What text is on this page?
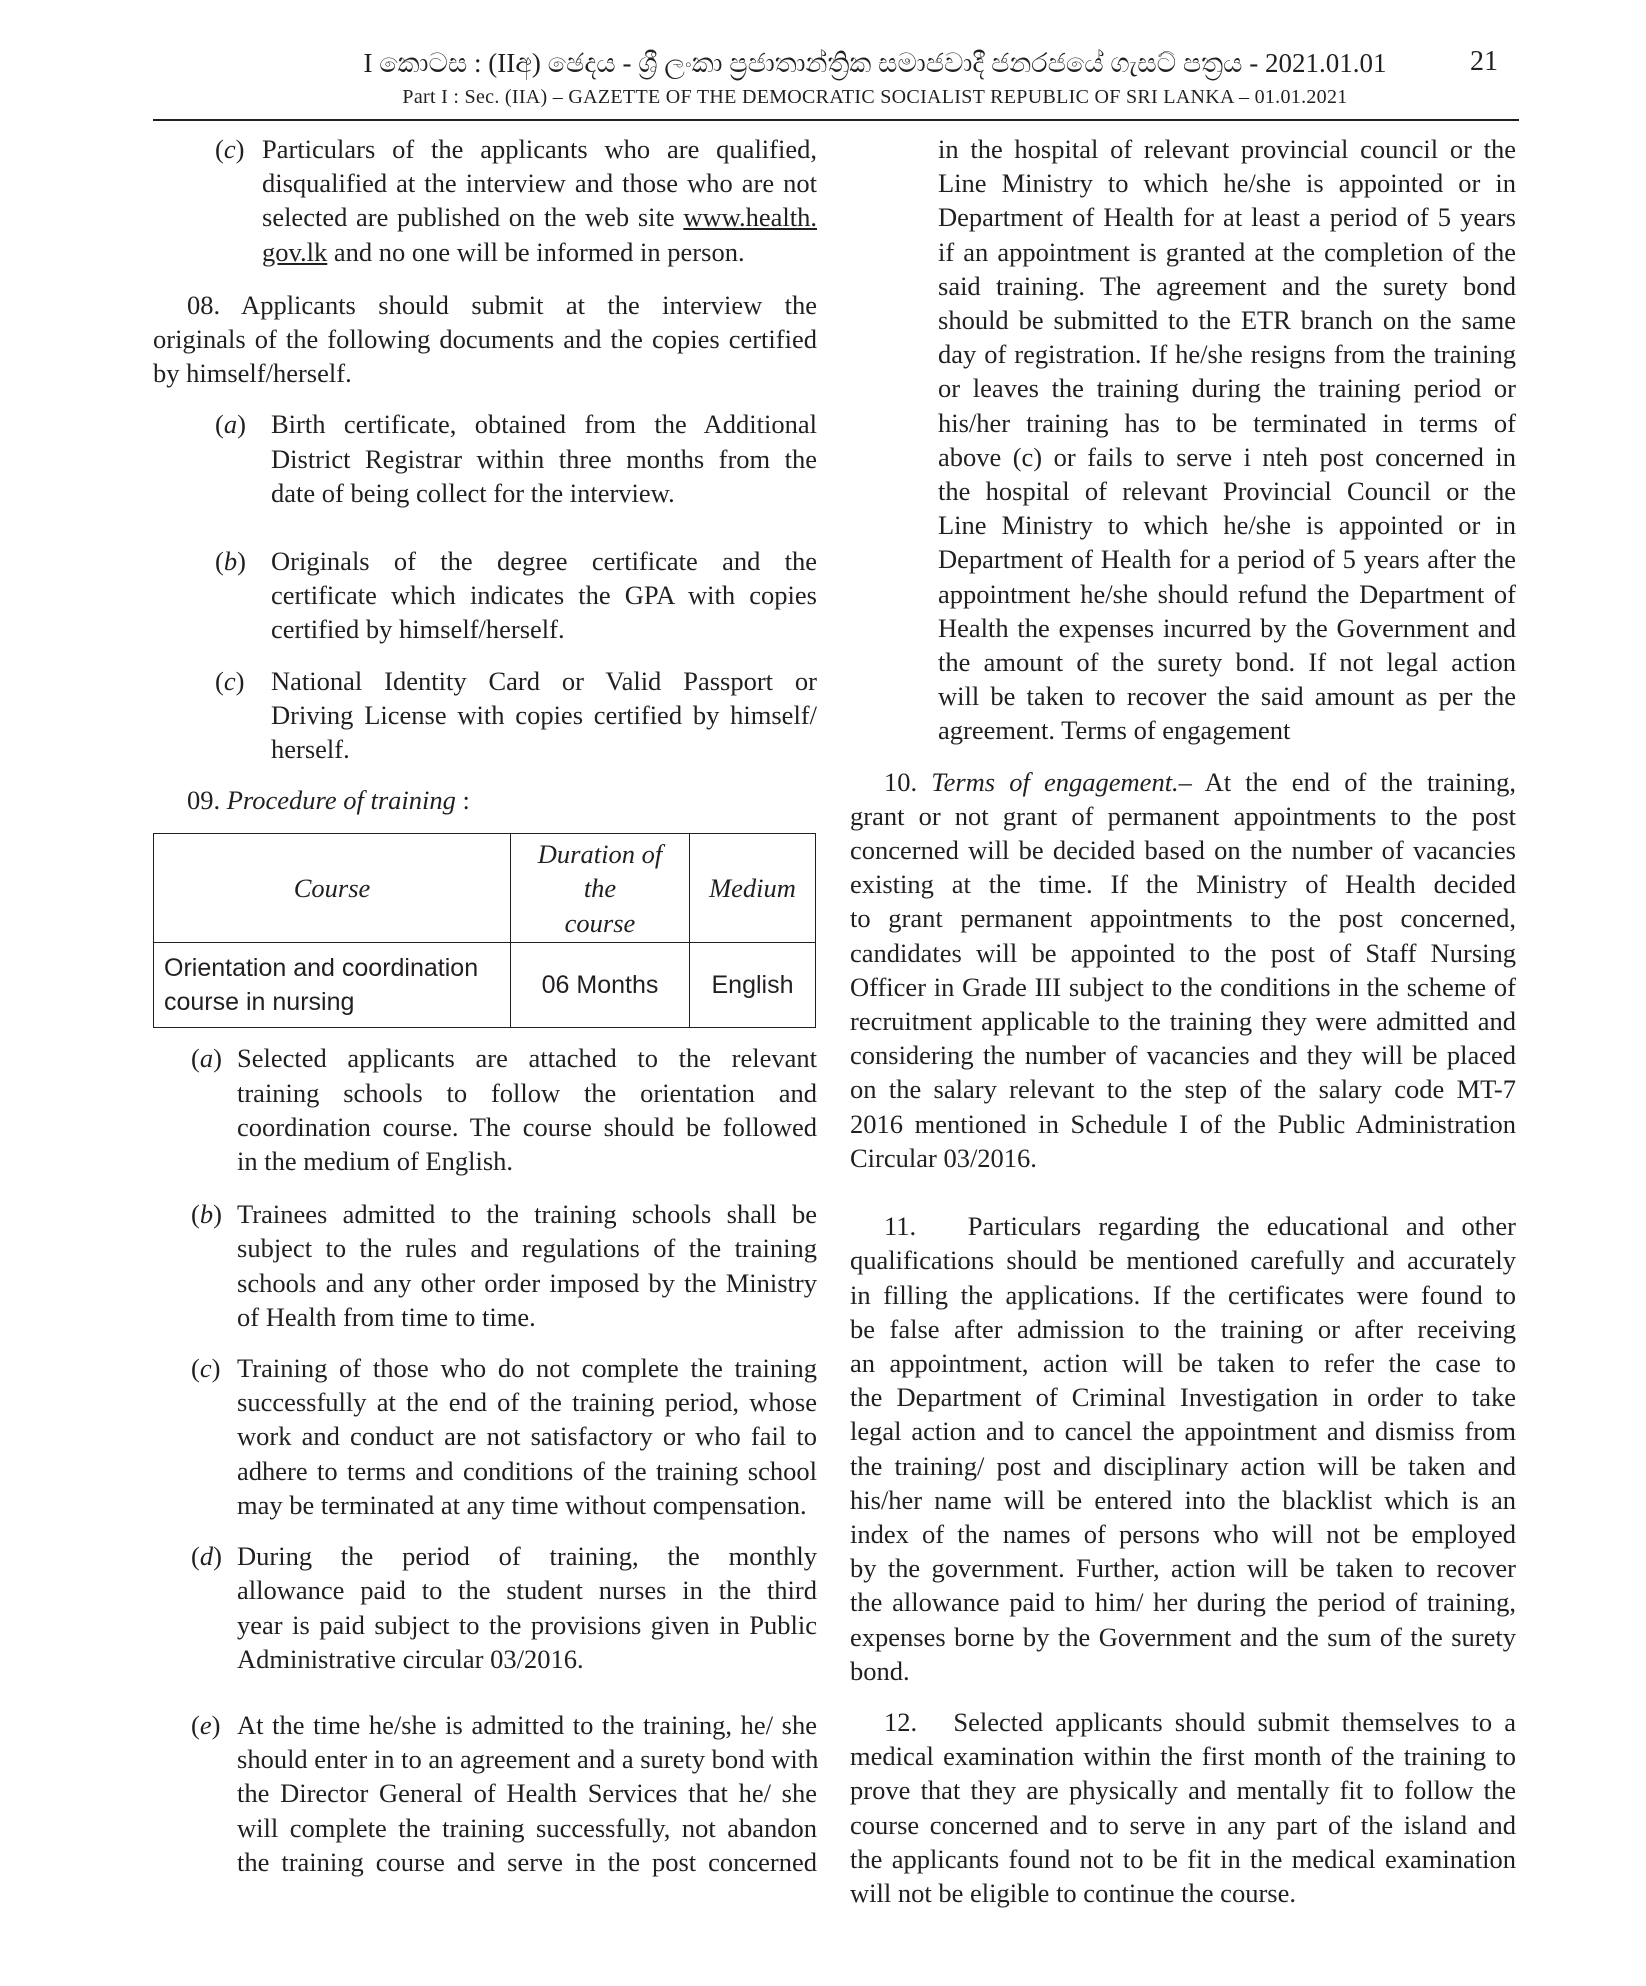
I කොටස : (IIඅ) ඡෙදය - ශ්‍රී ලංකා ප්‍රජාතාන්ත්‍රික සමාජවාදී ජනරජයේ ගැසට් පත්‍රය - 2021.01.01
Part I : Sec. (IIA) – GAZETTE OF THE DEMOCRATIC SOCIALIST REPUBLIC OF SRI LANKA – 01.01.2021
21
(c) Particulars of the applicants who are qualified,
disqualified at the interview and those who are not
selected are published on the web site www.health.
gov.lk and no one will be informed in person.
08. Applicants should submit at the interview the
originals of the following documents and the copies certified
by himself/herself.
(a) Birth certificate, obtained from the Additional
District Registrar within three months from the
date of being collect for the interview.
(b) Originals of the degree certificate and the
certificate which indicates the GPA with copies
certified by himself/herself.
(c) National Identity Card or Valid Passport or
Driving License with copies certified by himself/
herself.
09. Procedure of training :
Course	Duration of
the
course	Medium

Orientation and coordination
course in nursing	06 Months	English
(a) Selected applicants are attached to the relevant
training schools to follow the orientation and
coordination course. The course should be followed
in the medium of English.
(b) Trainees admitted to the training schools shall be
subject to the rules and regulations of the training
schools and any other order imposed by the Ministry
of Health from time to time.
(c) Training of those who do not complete the training
successfully at the end of the training period, whose
work and conduct are not satisfactory or who fail to
adhere to terms and conditions of the training school
may be terminated at any time without compensation.
(d) During the period of training, the monthly
allowance paid to the student nurses in the third
year is paid subject to the provisions given in Public
Administrative circular 03/2016.
(e) At the time he/she is admitted to the training, he/ she
should enter in to an agreement and a surety bond with
the Director General of Health Services that he/ she
will complete the training successfully, not abandon
the training course and serve in the post concerned
in the hospital of relevant provincial council or the
Line Ministry to which he/she is appointed or in
Department of Health for at least a period of 5 years
if an appointment is granted at the completion of the
said training. The agreement and the surety bond
should be submitted to the ETR branch on the same
day of registration. If he/she resigns from the training
or leaves the training during the training period or
his/her training has to be terminated in terms of
above (c) or fails to serve i nteh post concerned in
the hospital of relevant Provincial Council or the
Line Ministry to which he/she is appointed or in
Department of Health for a period of 5 years after the
appointment he/she should refund the Department of
Health the expenses incurred by the Government and
the amount of the surety bond. If not legal action
will be taken to recover the said amount as per the
agreement. Terms of engagement
10. Terms of engagement.– At the end of the training,
grant or not grant of permanent appointments to the post
concerned will be decided based on the number of vacancies
existing at the time. If the Ministry of Health decided
to grant permanent appointments to the post concerned,
candidates will be appointed to the post of Staff Nursing
Officer in Grade III subject to the conditions in the scheme of
recruitment applicable to the training they were admitted and
considering the number of vacancies and they will be placed
on the salary relevant to the step of the salary code MT-7
2016 mentioned in Schedule I of the Public Administration
Circular 03/2016.
11.   Particulars regarding the educational and other
qualifications should be mentioned carefully and accurately
in filling the applications. If the certificates were found to
be false after admission to the training or after receiving
an appointment, action will be taken to refer the case to
the Department of Criminal Investigation in order to take
legal action and to cancel the appointment and dismiss from
the training/ post and disciplinary action will be taken and
his/her name will be entered into the blacklist which is an
index of the names of persons who will not be employed
by the government. Further, action will be taken to recover
the allowance paid to him/ her during the period of training,
expenses borne by the Government and the sum of the surety
bond.
12.   Selected applicants should submit themselves to a
medical examination within the first month of the training to
prove that they are physically and mentally fit to follow the
course concerned and to serve in any part of the island and
the applicants found not to be fit in the medical examination
will not be eligible to continue the course.
